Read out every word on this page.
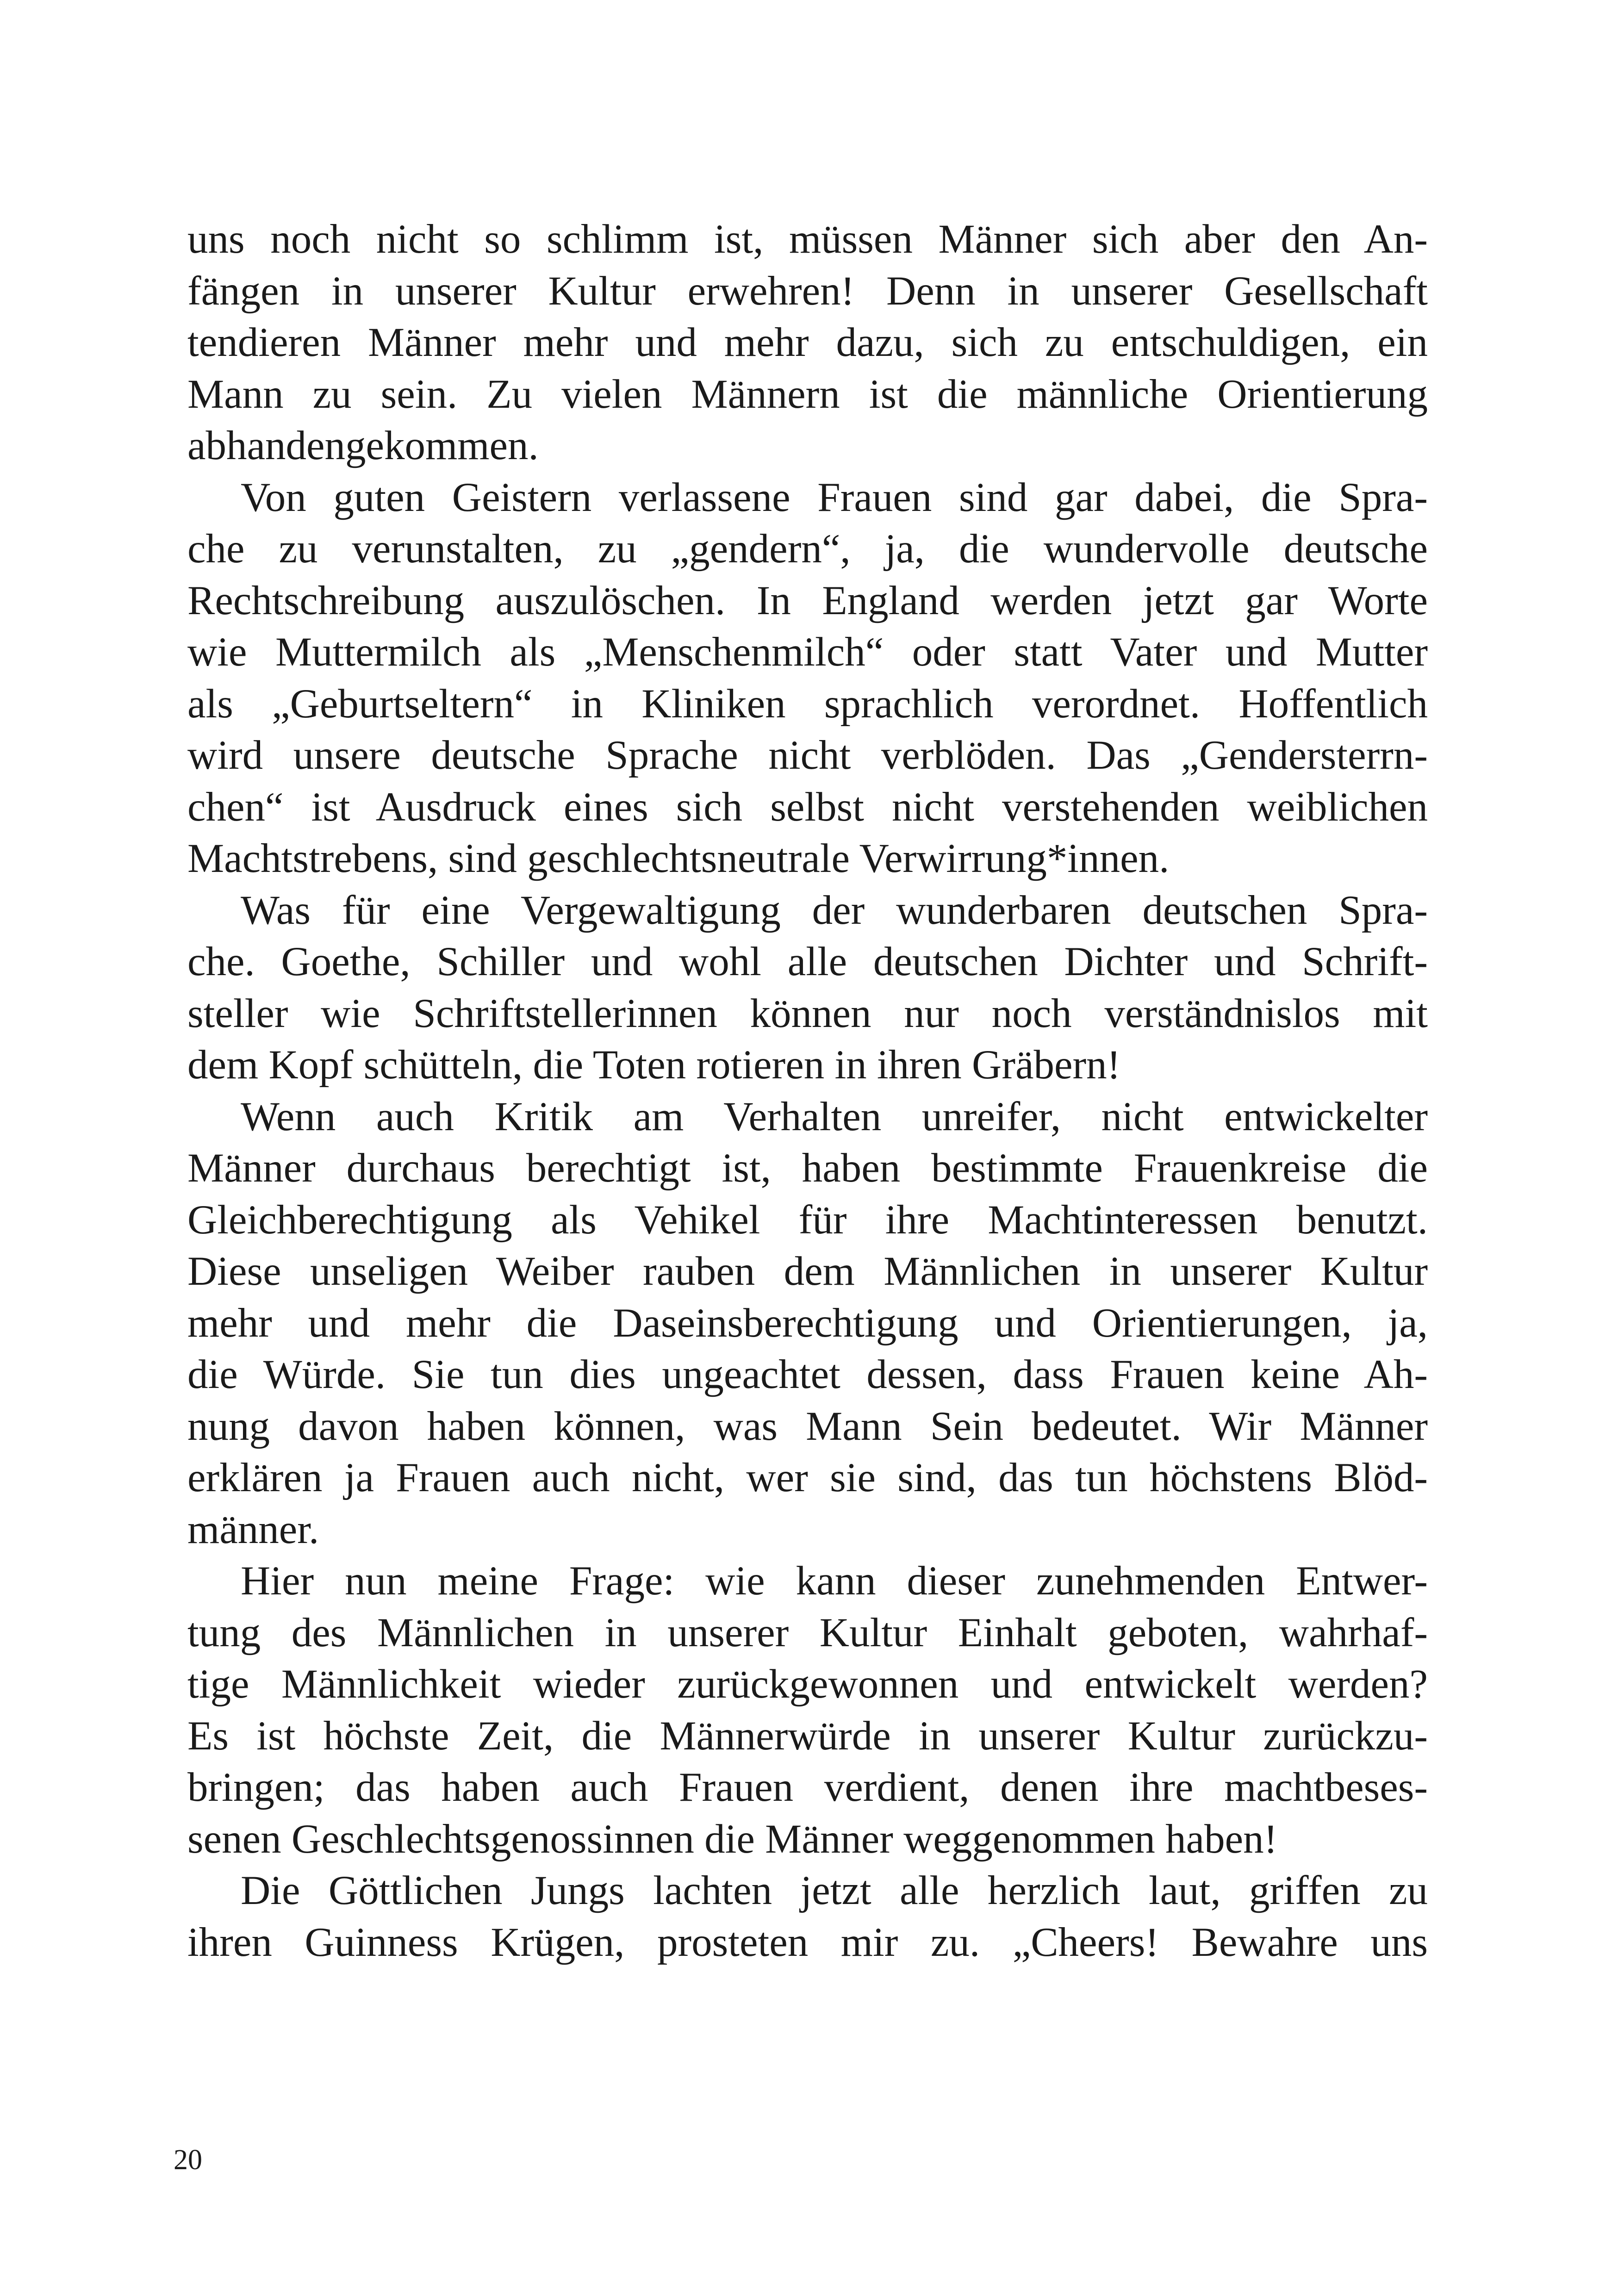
uns noch nicht so schlimm ist, müssen Männer sich aber den An-
fängen in unserer Kultur erwehren! Denn in unserer Gesellschaft
tendieren Männer mehr und mehr dazu, sich zu entschuldigen, ein
Mann zu sein. Zu vielen Männern ist die männliche Orientierung
abhandengekommen.
Von guten Geistern verlassene Frauen sind gar dabei, die Spra-
che zu verunstalten, zu „gendern“, ja, die wundervolle deutsche
Rechtschreibung auszulöschen. In England werden jetzt gar Worte
wie Muttermilch als „Menschenmilch“ oder statt Vater und Mutter
als „Geburtseltern“ in Kliniken sprachlich verordnet. Hoffentlich
wird unsere deutsche Sprache nicht verblöden. Das „Gendersterrn-
chen“ ist Ausdruck eines sich selbst nicht verstehenden weiblichen
Machtstrebens, sind geschlechtsneutrale Verwirrung*innen.
Was für eine Vergewaltigung der wunderbaren deutschen Spra-
che. Goethe, Schiller und wohl alle deutschen Dichter und Schrift-
steller wie Schriftstellerinnen können nur noch verständnislos mit
dem Kopf schütteln, die Toten rotieren in ihren Gräbern!
Wenn auch Kritik am Verhalten unreifer, nicht entwickelter
Männer durchaus berechtigt ist, haben bestimmte Frauenkreise die
Gleichberechtigung als Vehikel für ihre Machtinteressen benutzt.
Diese unseligen Weiber rauben dem Männlichen in unserer Kultur
mehr und mehr die Daseinsberechtigung und Orientierungen, ja,
die Würde. Sie tun dies ungeachtet dessen, dass Frauen keine Ah-
nung davon haben können, was Mann Sein bedeutet. Wir Männer
erklären ja Frauen auch nicht, wer sie sind, das tun höchstens Blöd-
männer.
Hier nun meine Frage: wie kann dieser zunehmenden Entwer-
tung des Männlichen in unserer Kultur Einhalt geboten, wahrhaf-
tige Männlichkeit wieder zurückgewonnen und entwickelt werden?
Es ist höchste Zeit, die Männerwürde in unserer Kultur zurückzu-
bringen; das haben auch Frauen verdient, denen ihre machtbeses-
senen Geschlechtsgenossinnen die Männer weggenommen haben!
Die Göttlichen Jungs lachten jetzt alle herzlich laut, griffen zu
ihren Guinness Krügen, prosteten mir zu. „Cheers! Bewahre uns
20
